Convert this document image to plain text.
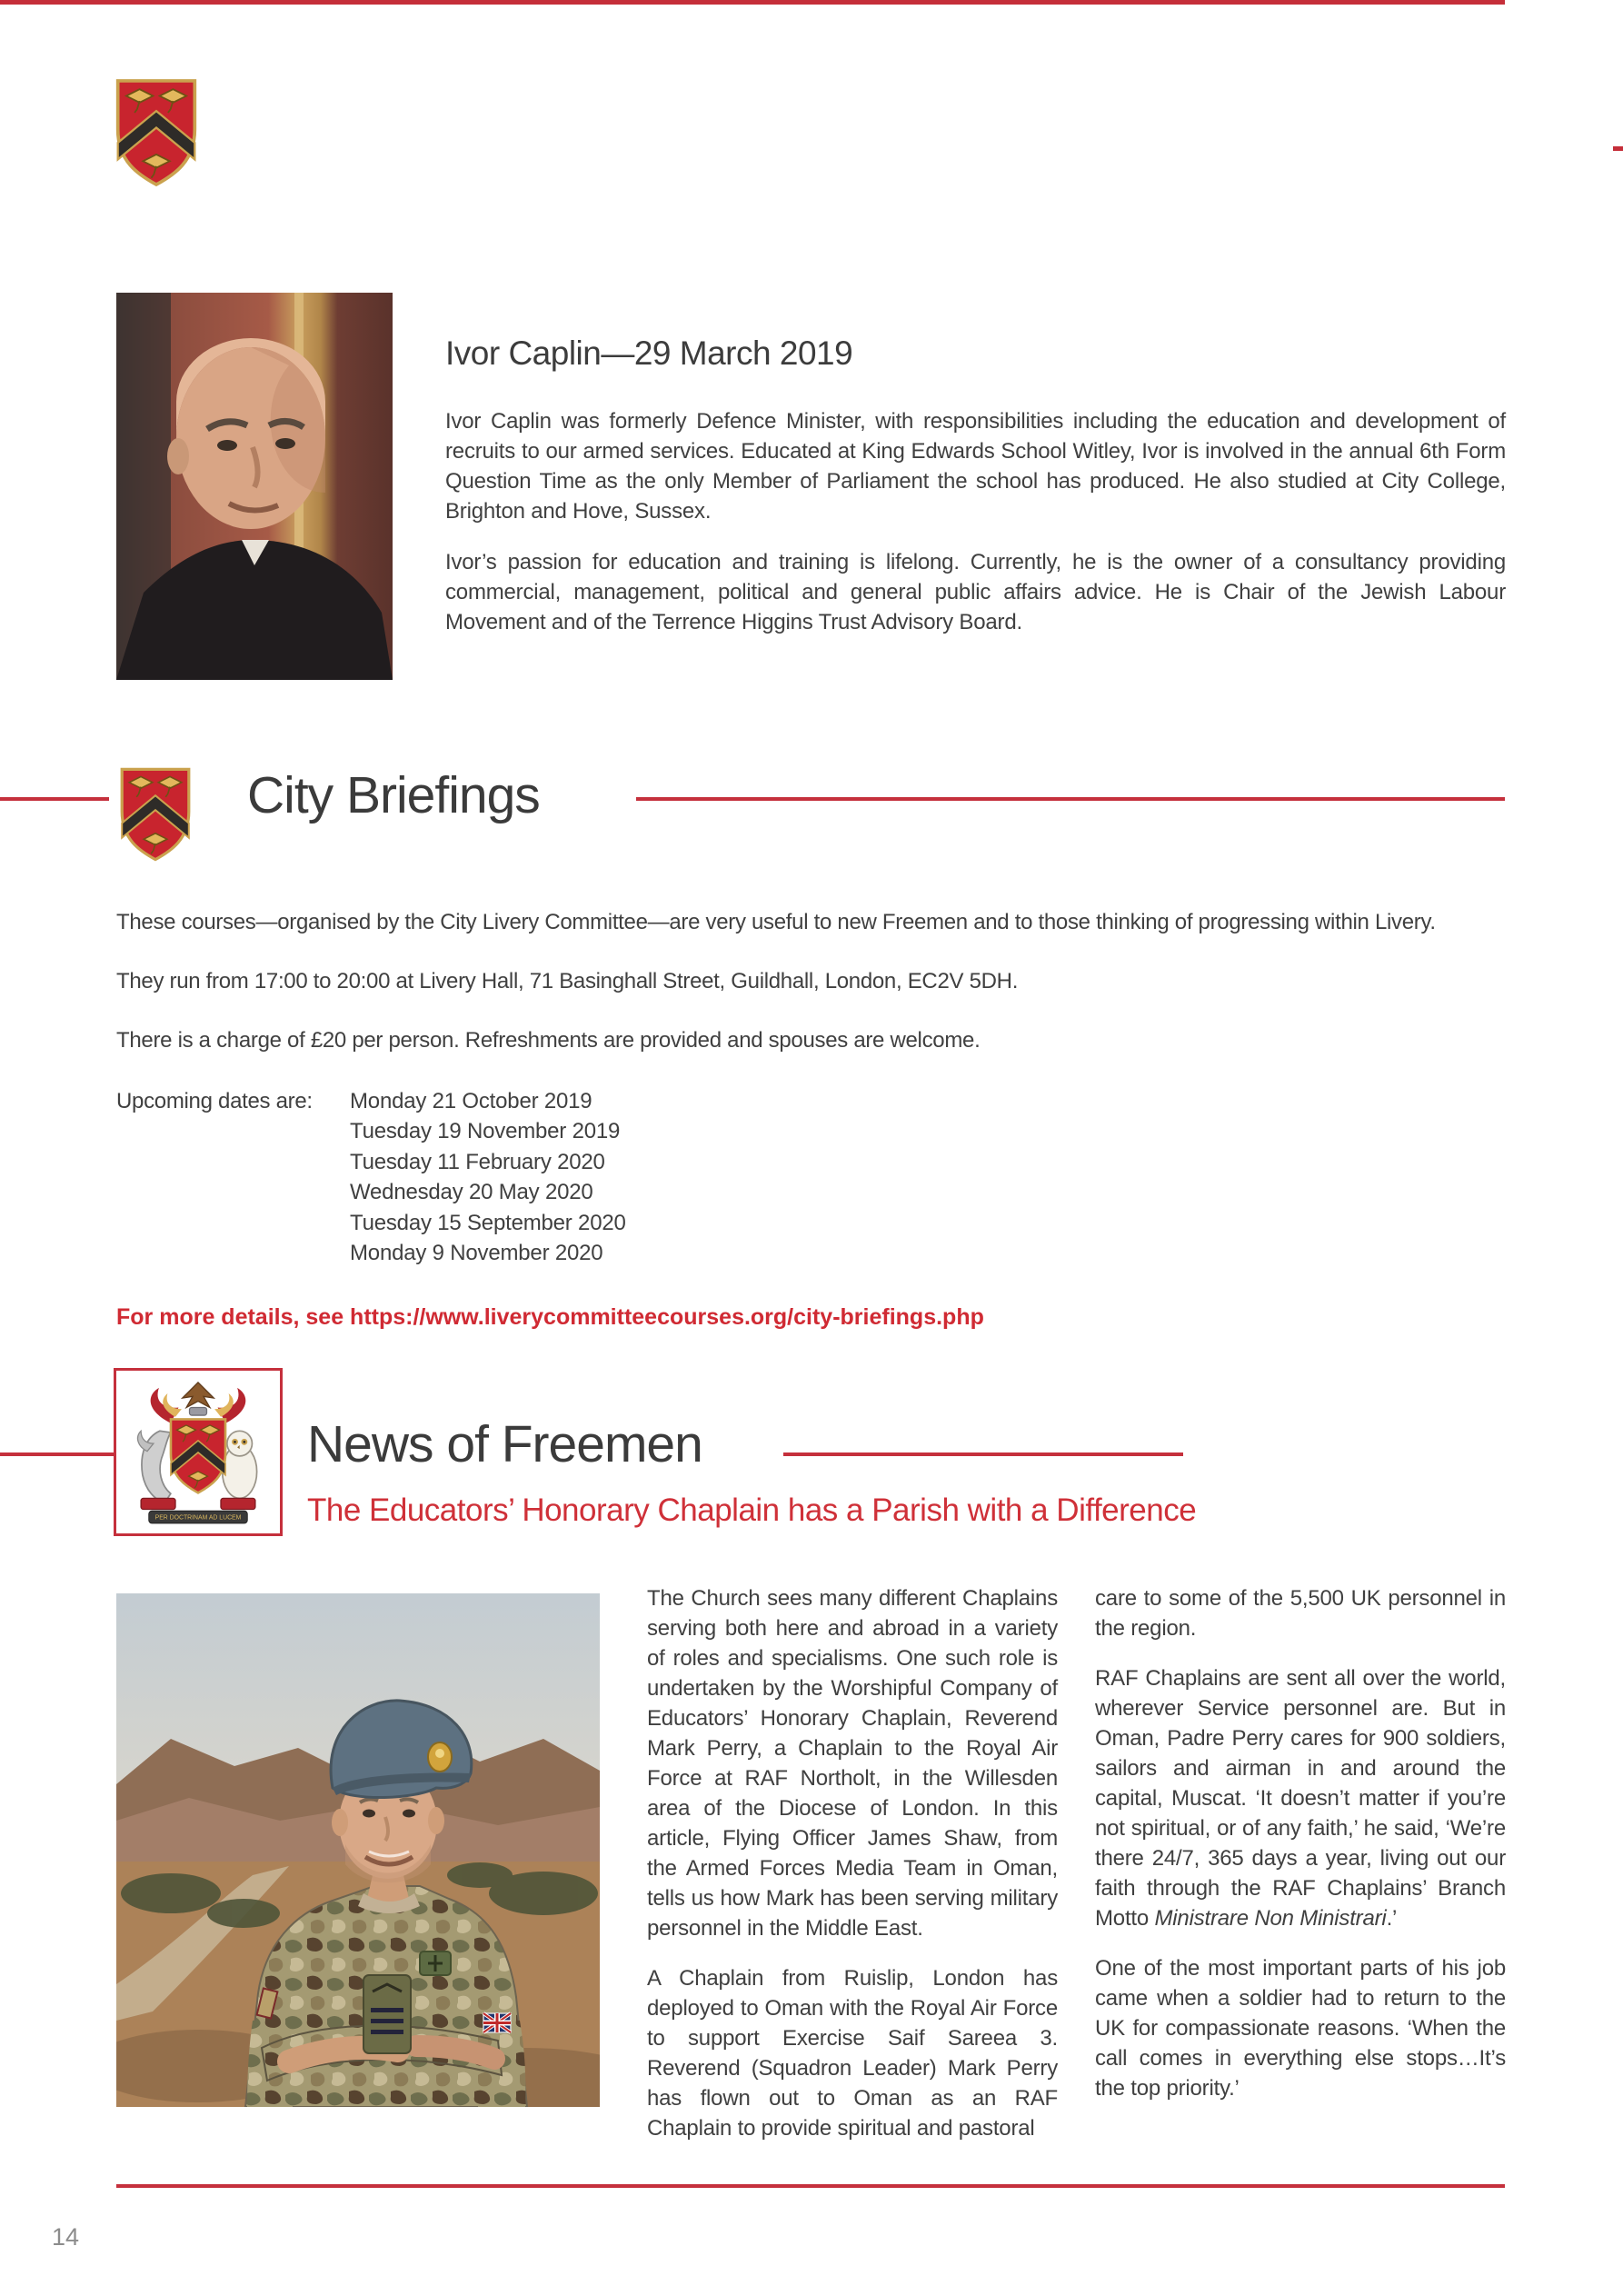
Ivor Caplin—29 March 2019
Ivor Caplin was formerly Defence Minister, with responsibilities including the education and development of recruits to our armed services. Educated at King Edwards School Witley, Ivor is involved in the annual 6th Form Question Time as the only Member of Parliament the school has produced. He also studied at City College, Brighton and Hove, Sussex.
Ivor’s passion for education and training is lifelong. Currently, he is the owner of a consultancy providing commercial, management, political and general public affairs advice. He is Chair of the Jewish Labour Movement and of the Terrence Higgins Trust Advisory Board.
City Briefings
These courses—organised by the City Livery Committee—are very useful to new Freemen and to those thinking of progressing within Livery.
They run from 17:00 to 20:00 at Livery Hall, 71 Basinghall Street, Guildhall, London, EC2V 5DH.
There is a charge of £20 per person. Refreshments are provided and spouses are welcome.
Upcoming dates are: Monday 21 October 2019
Tuesday 19 November 2019
Tuesday 11 February 2020
Wednesday 20 May 2020
Tuesday 15 September 2020
Monday 9 November 2020
For more details, see https://www.liverycommitteecourses.org/city-briefings.php
PER DOCTRINAM AD LUCEM
News of Freemen
The Educators’ Honorary Chaplain has a Parish with a Difference

The Church sees many different Chaplains serving both here and abroad in a variety of roles and specialisms. One such role is undertaken by the Worshipful Company of Educators’ Honorary Chaplain, Reverend Mark Perry, a Chaplain to the Royal Air Force at RAF Northolt, in the Willesden area of the Diocese of London. In this article, Flying Officer James Shaw, from the Armed Forces Media Team in Oman, tells us how Mark has been serving military personnel in the Middle East.

A Chaplain from Ruislip, London has deployed to Oman with the Royal Air Force to support Exercise Saif Sareea 3. Reverend (Squadron Leader) Mark Perry has flown out to Oman as an RAF Chaplain to provide spiritual and pastoral

care to some of the 5,500 UK personnel in the region.

RAF Chaplains are sent all over the world, wherever Service personnel are. But in Oman, Padre Perry cares for 900 soldiers, sailors and airman in and around the capital, Muscat. ‘It doesn’t matter if you’re not spiritual, or of any faith,’ he said, ‘We’re there 24/7, 365 days a year, living out our faith through the RAF Chaplains’ Branch Motto Ministrare Non Ministrari.’

One of the most important parts of his job came when a soldier had to return to the UK for compassionate reasons. ‘When the call comes in everything else stops…It’s the top priority.’

14
